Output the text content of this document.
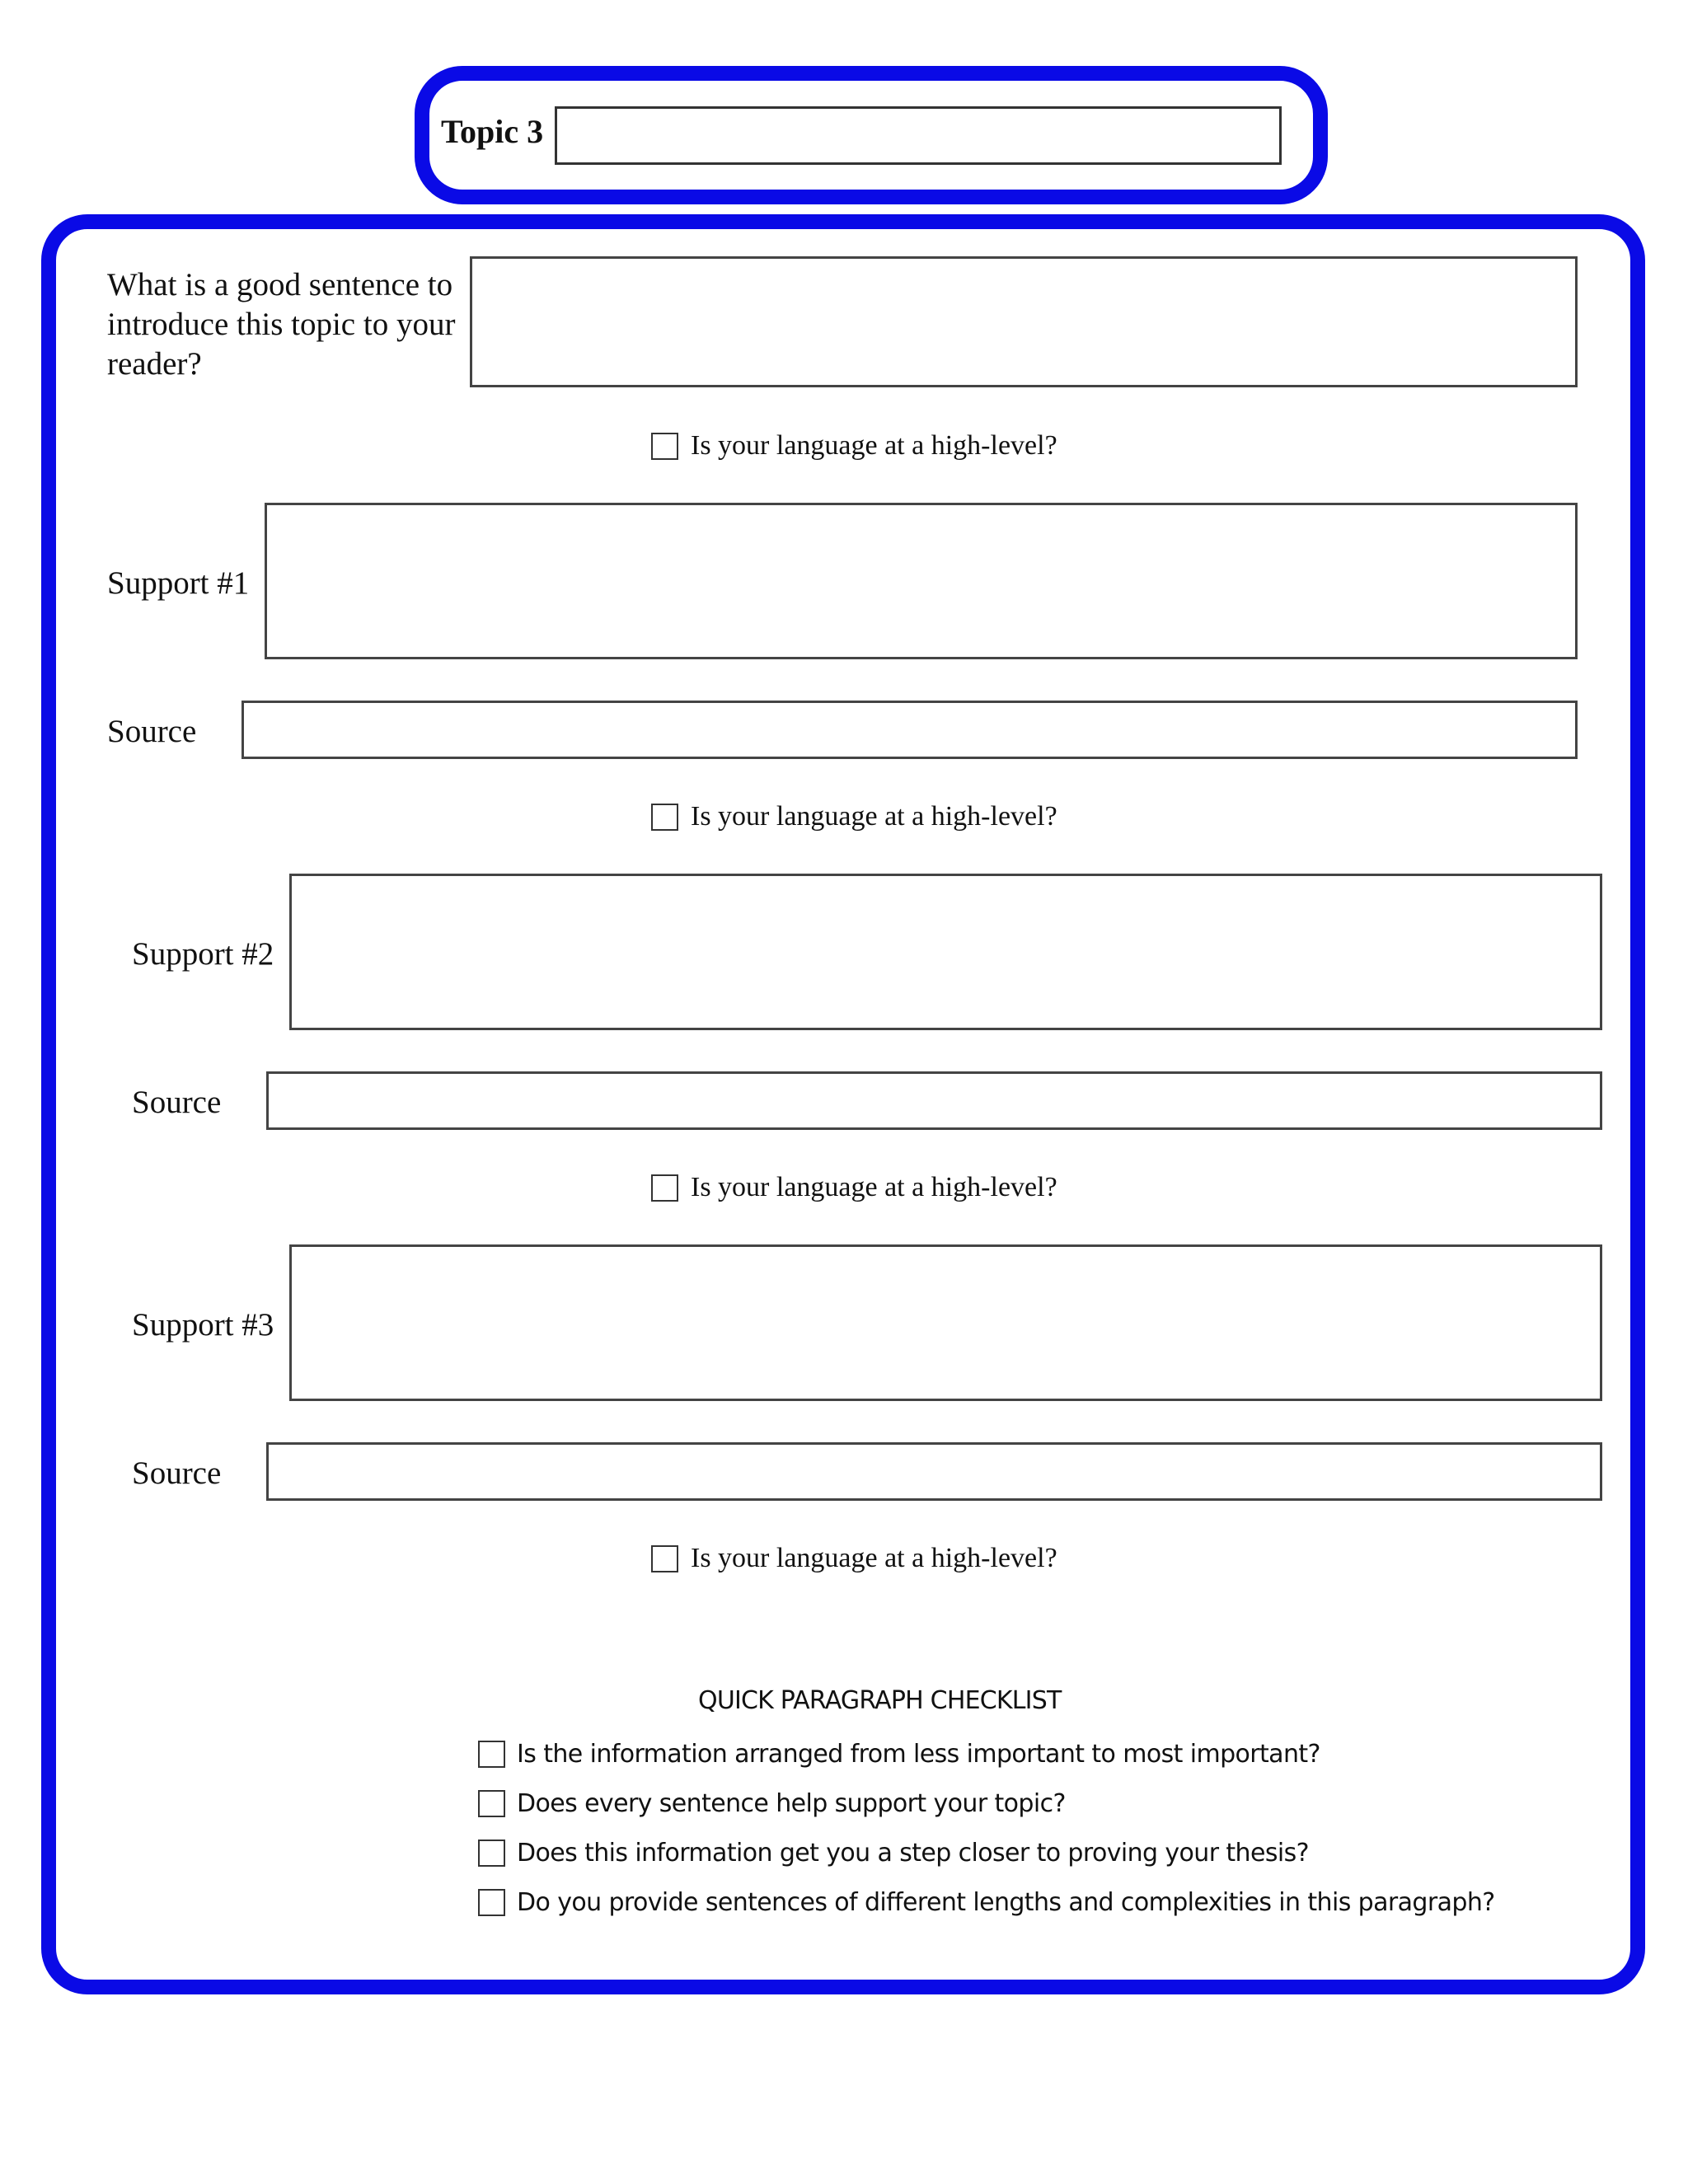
Topic 3
What is a good sentence to
introduce this topic to your
reader?
Is your language at a high-level?
Support #1
Source
Is your language at a high-level?
Support #2
Source
Is your language at a high-level?
Support #3
Source
Is your language at a high-level?
QUICK PARAGRAPH CHECKLIST
Is the information arranged from less important to most important?
Does every sentence help support your topic?
Does this information get you a step closer to proving your thesis?
Do you provide sentences of different lengths and complexities in this paragraph?
